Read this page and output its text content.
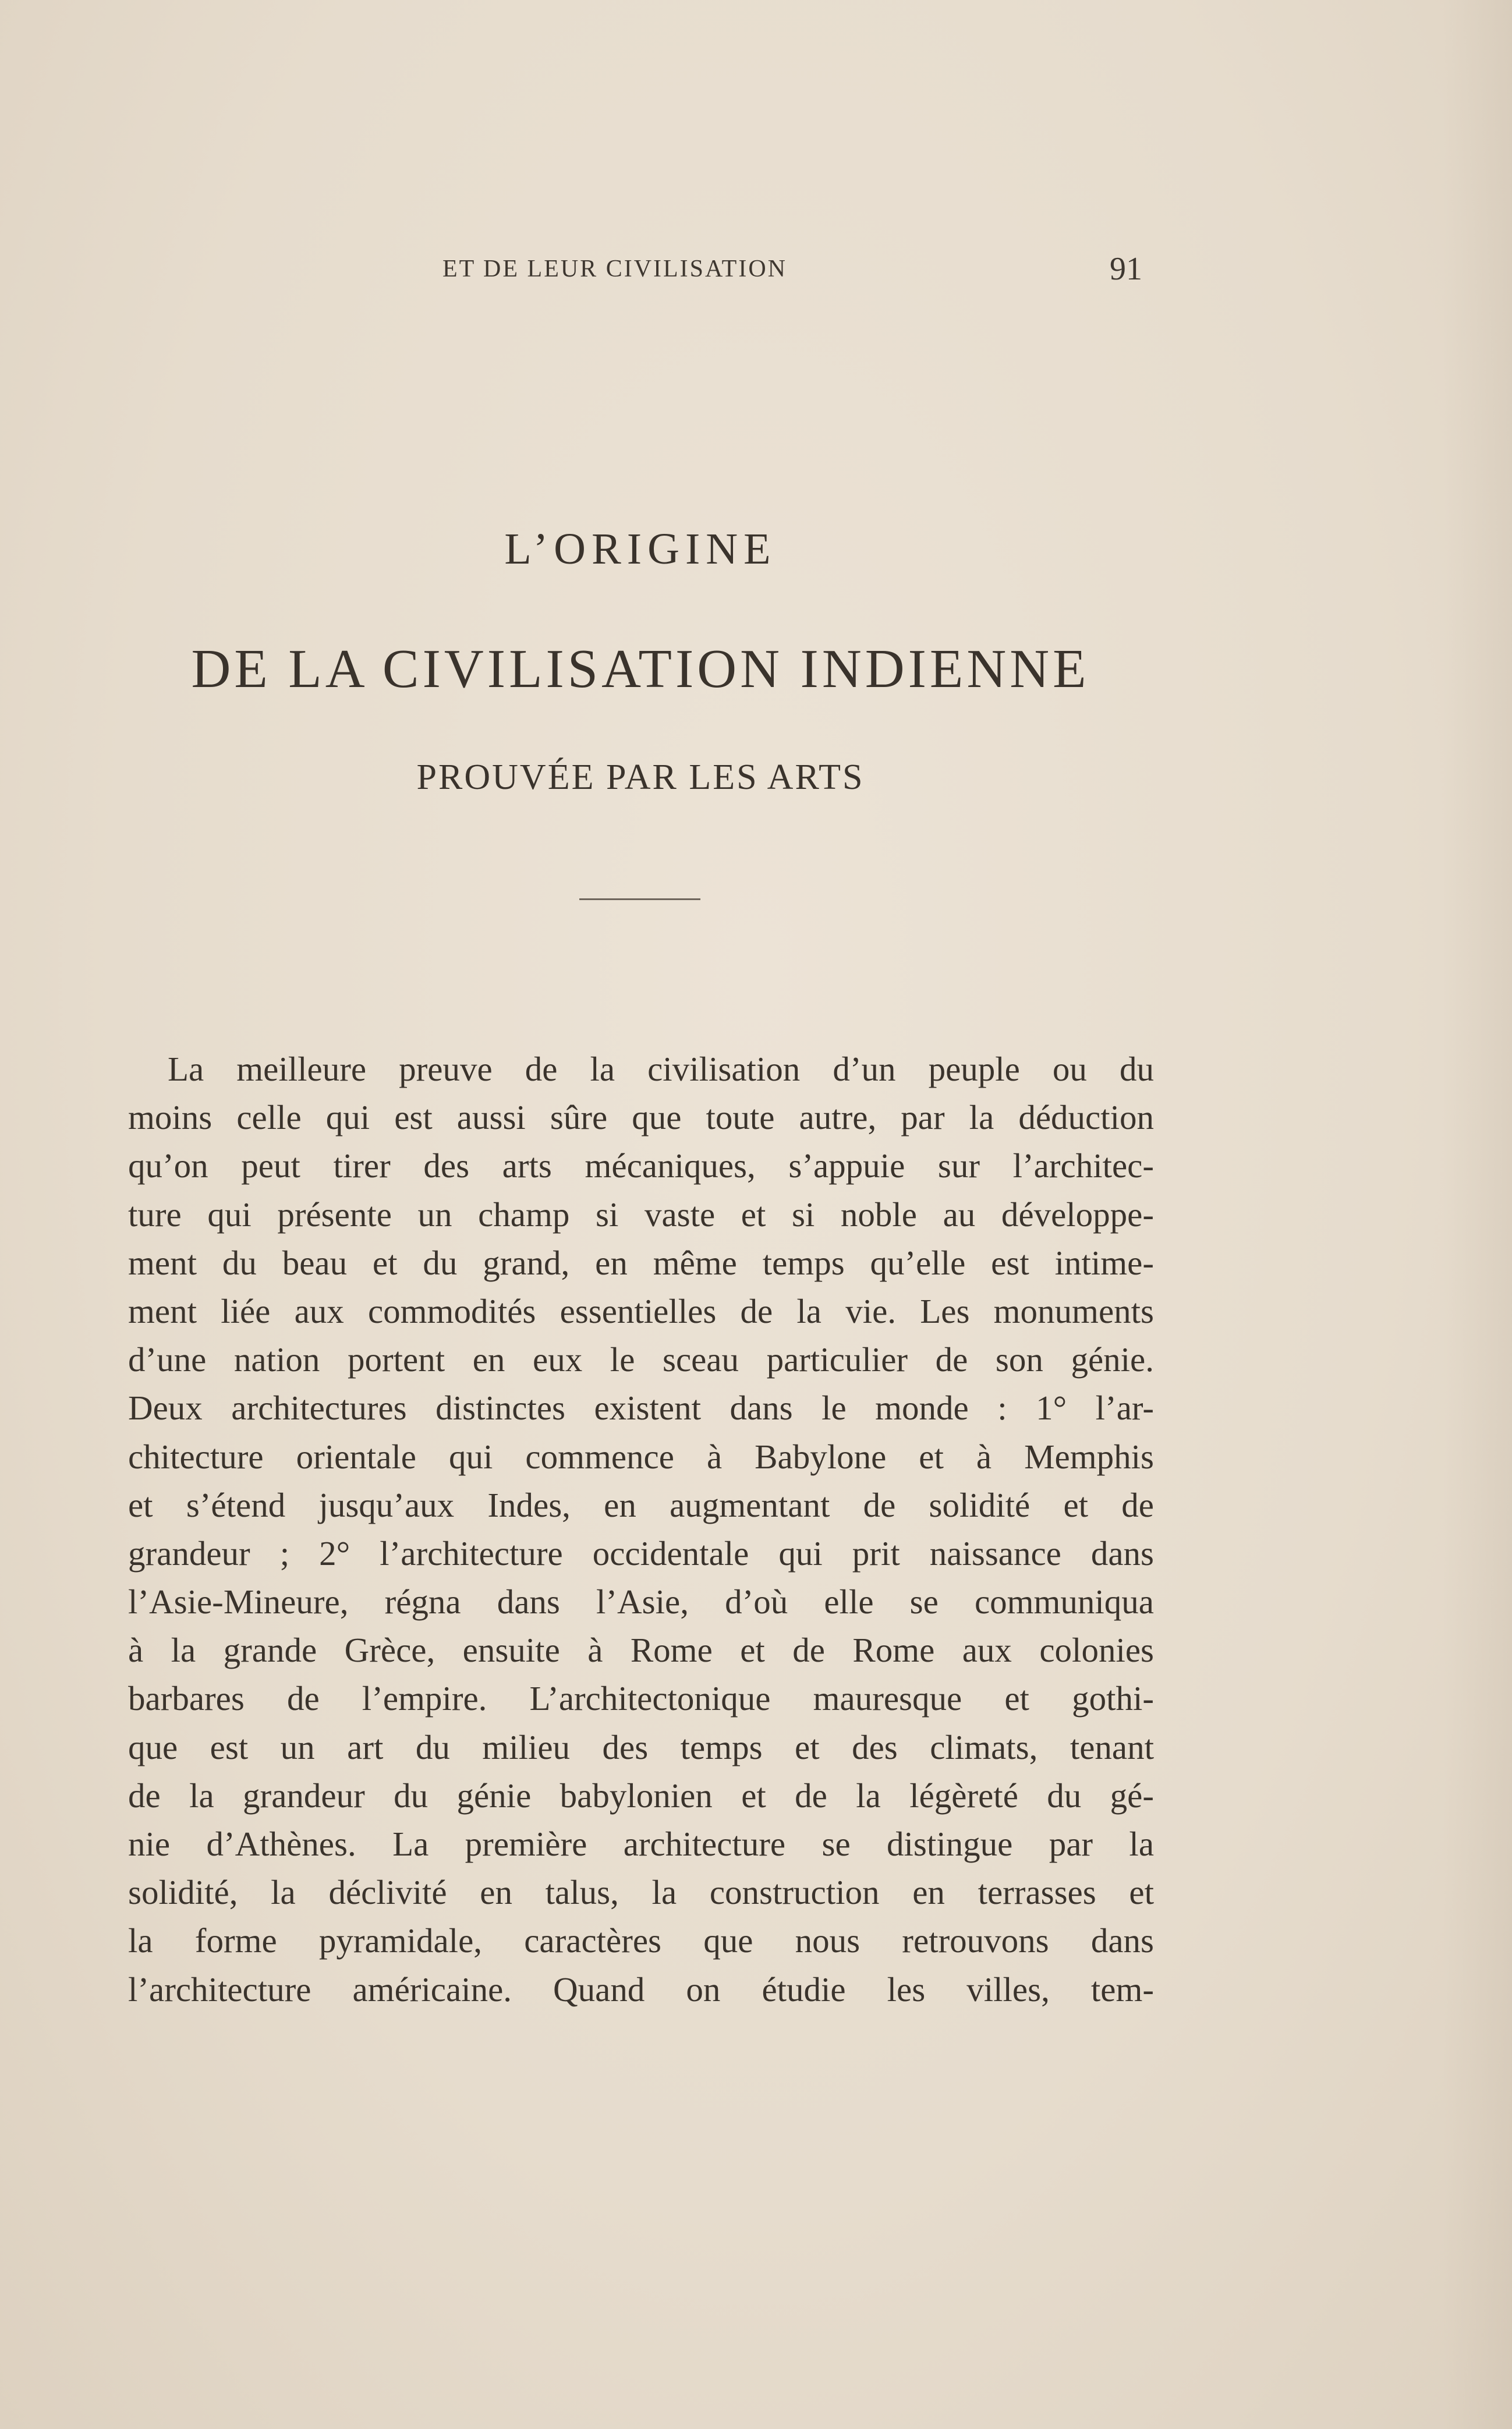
ET DE LEUR CIVILISATION	91
L’ORIGINE
DE LA CIVILISATION INDIENNE
PROUVÉE PAR LES ARTS
La meilleure preuve de la civilisation d’un peuple ou du
moins celle qui est aussi sûre que toute autre, par la déduction
qu’on peut tirer des arts mécaniques, s’appuie sur l’architec-
ture qui présente un champ si vaste et si noble au développe-
ment du beau et du grand, en même temps qu’elle est intime-
ment liée aux commodités essentielles de la vie. Les monuments
d’une nation portent en eux le sceau particulier de son génie.
Deux architectures distinctes existent dans le monde : 1° l’ar-
chitecture orientale qui commence à Babylone et à Memphis
et s’étend jusqu’aux Indes, en augmentant de solidité et de
grandeur ; 2° l’architecture occidentale qui prit naissance dans
l’Asie-Mineure, régna dans l’Asie, d’où elle se communiqua
à la grande Grèce, ensuite à Rome et de Rome aux colonies
barbares de l’empire. L’architectonique mauresque et gothi-
que est un art du milieu des temps et des climats, tenant
de la grandeur du génie babylonien et de la légèreté du gé-
nie d’Athènes. La première architecture se distingue par la
solidité, la déclivité en talus, la construction en terrasses et
la forme pyramidale, caractères que nous retrouvons dans
l’architecture américaine. Quand on étudie les villes, tem-
